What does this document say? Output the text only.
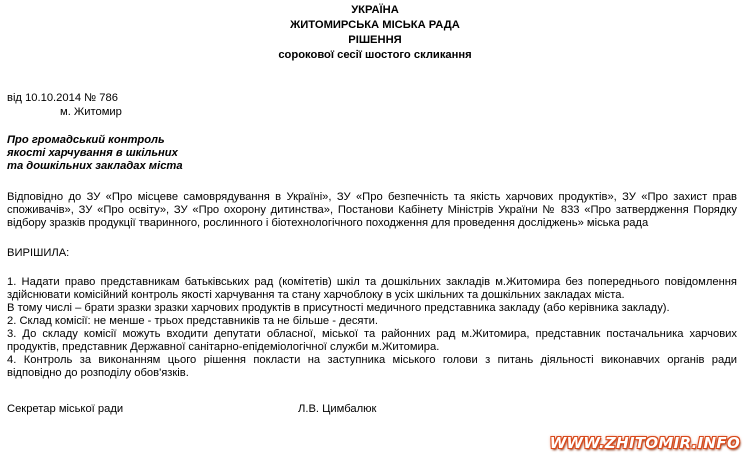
УКРАЇНА
ЖИТОМИРСЬКА МІСЬКА РАДА
РІШЕННЯ
сорокової сесії шостого скликання
від 10.10.2014 № 786
м. Житомир
Про громадський контроль
якості харчування в шкільних
та дошкільних закладах міста
Відповідно до ЗУ «Про місцеве самоврядування в Україні», ЗУ «Про безпечність та якість харчових продуктів», ЗУ «Про захист прав
споживачів», ЗУ «Про освіту», ЗУ «Про охорону дитинства», Постанови Кабінету Міністрів України № 833 «Про затвердження Порядку
відбору зразків продукції тваринного, рослинного і біотехнологічного походження для проведення досліджень» міська рада
ВИРІШИЛА:
1. Надати право представникам батьківських рад (комітетів) шкіл та дошкільних закладів м.Житомира без попереднього повідомлення
здійснювати комісійний контроль якості харчування та стану харчоблоку в усіх шкільних та дошкільних закладах міста.
В тому числі – брати зразки зразки харчових продуктів в присутності медичного представника закладу (або керівника закладу).
2. Склад комісії: не менше - трьох представників та не більше - десяти.
3. До складу комісії можуть входити депутати обласної, міської та районних рад м.Житомира, представник постачальника харчових
продуктів, представник Державної санітарно-епідеміологічної служби м.Житомира.
4. Контроль за виконанням цього рішення покласти на заступника міського голови з питань діяльності виконавчих органів ради
відповідно до розподілу обов'язків.
Секретар міської ради	Л.В. Цимбалюк
WWW.ZHITOMIR.INFO
